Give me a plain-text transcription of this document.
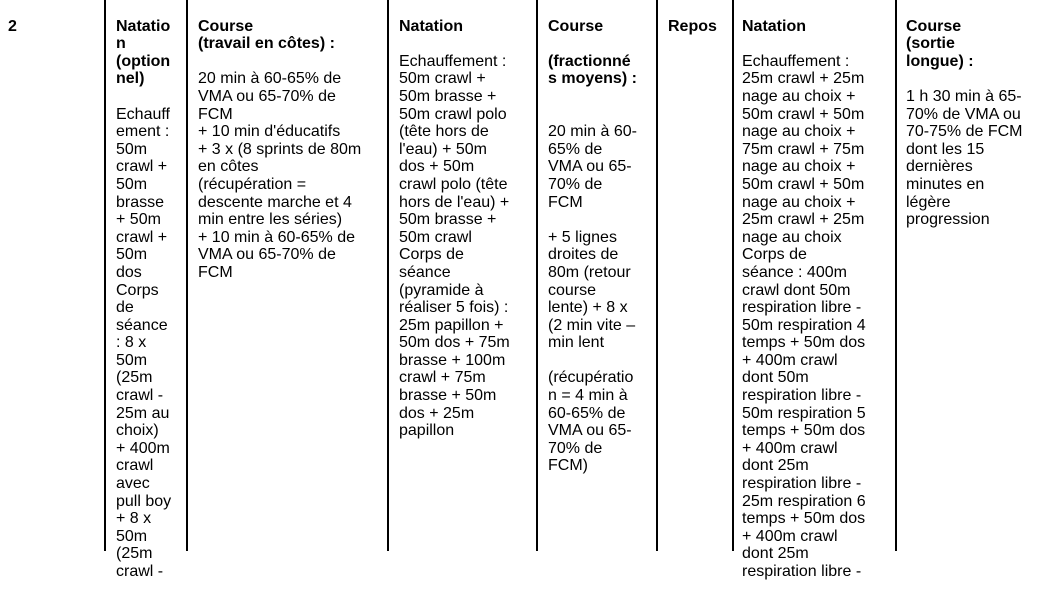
2	Natatio
n
(option
nel)

Echauff
ement :
50m
crawl +
50m
brasse
+ 50m
crawl +
50m
dos
Corps
de
séance
: 8 x
50m
(25m
crawl -
25m au
choix)
+ 400m
crawl
avec
pull boy
+ 8 x
50m
(25m
crawl -

Course
(travail en côtes) :

20 min à 60-65% de
VMA ou 65-70% de
FCM
+ 10 min d'éducatifs
+ 3 x (8 sprints de 80m
en côtes
(récupération =
descente marche et 4
min entre les séries)
+ 10 min à 60-65% de
VMA ou 65-70% de
FCM

Natation

Echauffement :
50m crawl +
50m brasse +
50m crawl polo
(tête hors de
l'eau) + 50m
dos + 50m
crawl polo (tête
hors de l'eau) +
50m brasse +
50m crawl
Corps de
séance
(pyramide à
réaliser 5 fois) :
25m papillon +
50m dos + 75m
brasse + 100m
crawl + 75m
brasse + 50m
dos + 25m
papillon

Course

(fractionné
s moyens) :

20 min à 60-
65% de
VMA ou 65-
70% de
FCM

+ 5 lignes
droites de
80m (retour
course
lente) + 8 x
(2 min vite –
min lent

(récupératio
n = 4 min à
60-65% de
VMA ou 65-
70% de
FCM)

Repos	Natation

Echauffement :
25m crawl + 25m
nage au choix +
50m crawl + 50m
nage au choix +
75m crawl + 75m
nage au choix +
50m crawl + 50m
nage au choix +
25m crawl + 25m
nage au choix
Corps de
séance : 400m
crawl dont 50m
respiration libre -
50m respiration 4
temps + 50m dos
+ 400m crawl
dont 50m
respiration libre -
50m respiration 5
temps + 50m dos
+ 400m crawl
dont 25m
respiration libre -
25m respiration 6
temps + 50m dos
+ 400m crawl
dont 25m
respiration libre -

Course
(sortie
longue) :

1 h 30 min à 65-
70% de VMA ou
70-75% de FCM
dont les 15
dernières
minutes en
légère
progression
